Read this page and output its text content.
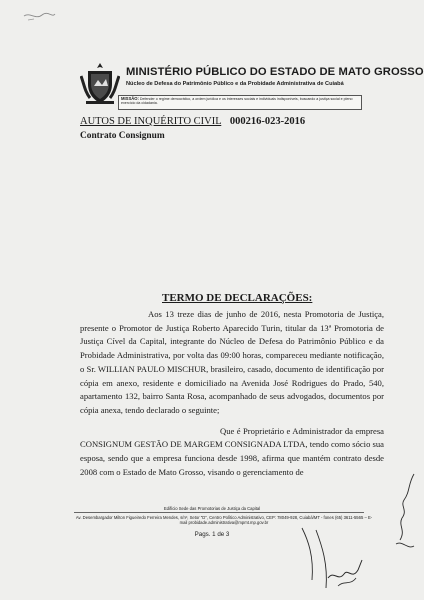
MINISTÉRIO PÚBLICO DO ESTADO DE MATO GROSSO
Núcleo de Defesa do Patrimônio Público e da Probidade Administrativa de Cuiabá
MISSÃO: Defender o regime democrático, a ordem jurídica e os interesses sociais e individuais indisponíveis, buscando a justiça social e pleno exercício da cidadania.
AUTOS DE INQUÉRITO CIVIL 000216-023-2016
Contrato Consignum
TERMO DE DECLARAÇÕES:

Aos 13 treze dias de junho de 2016, nesta Promotoria de Justiça, presente o Promotor de Justiça Roberto Aparecido Turin, titular da 13ª Promotoria de Justiça Cível da Capital, integrante do Núcleo de Defesa do Patrimônio Público e da Probidade Administrativa, por volta das 09:00 horas, compareceu mediante notificação, o Sr. WILLIAN PAULO MISCHUR, brasileiro, casado, documento de identificação por cópia em anexo, residente e domiciliado na Avenida José Rodrigues do Prado, 540, apartamento 132, bairro Santa Rosa, acompanhado de seus advogados, documentos por cópia anexa, tendo declarado o seguinte;

Que é Proprietário e Administrador da empresa CONSIGNUM GESTÃO DE MARGEM CONSIGNADA LTDA, tendo como sócio sua esposa, sendo que a empresa funciona desde 1998, afirma que mantém contrato desde 2008 com o Estado de Mato Grosso, visando o gerenciamento de

Edifício Sede das Promotorias de Justiça da Capital
Av. Desembargador Milton Figueiredo Ferreira Mendes, s/nº, Setor "D", Centro Político Administrativo, CEP: 78049-928, Cuiabá/MT - fones (65) 3611-5565 – E-mail probidade.administrativa@mpmt.mp.gov.br
Pags. 1 de 3
